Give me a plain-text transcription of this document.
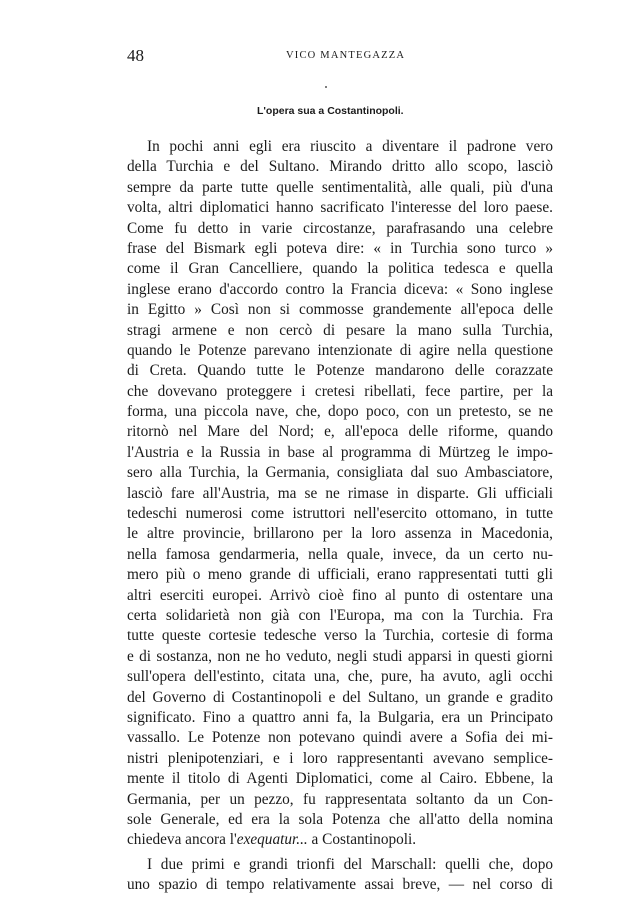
48	VICO MANTEGAZZA
L'opera sua a Costantinopoli.
In pochi anni egli era riuscito a diventare il padrone vero
della Turchia e del Sultano. Mirando dritto allo scopo, lasciò
sempre da parte tutte quelle sentimentalità, alle quali, più d'una
volta, altri diplomatici hanno sacrificato l'interesse del loro paese.
Come fu detto in varie circostanze, parafrasando una celebre
frase del Bismark egli poteva dire: « in Turchia sono turco »
come il Gran Cancelliere, quando la politica tedesca e quella
inglese erano d'accordo contro la Francia diceva: « Sono inglese
in Egitto » Così non si commosse grandemente all'epoca delle
stragi armene e non cercò di pesare la mano sulla Turchia,
quando le Potenze parevano intenzionate di agire nella questione
di Creta. Quando tutte le Potenze mandarono delle corazzate
che dovevano proteggere i cretesi ribellati, fece partire, per la
forma, una piccola nave, che, dopo poco, con un pretesto, se ne
ritornò nel Mare del Nord; e, all'epoca delle riforme, quando
l'Austria e la Russia in base al programma di Mürtzeg le impo-
sero alla Turchia, la Germania, consigliata dal suo Ambasciatore,
lasciò fare all'Austria, ma se ne rimase in disparte. Gli ufficiali
tedeschi numerosi come istruttori nell'esercito ottomano, in tutte
le altre provincie, brillarono per la loro assenza in Macedonia,
nella famosa gendarmeria, nella quale, invece, da un certo nu-
mero più o meno grande di ufficiali, erano rappresentati tutti gli
altri eserciti europei. Arrivò cioè fino al punto di ostentare una
certa solidarietà non già con l'Europa, ma con la Turchia. Fra
tutte queste cortesie tedesche verso la Turchia, cortesie di forma
e di sostanza, non ne ho veduto, negli studi apparsi in questi giorni
sull'opera dell'estinto, citata una, che, pure, ha avuto, agli occhi
del Governo di Costantinopoli e del Sultano, un grande e gradito
significato. Fino a quattro anni fa, la Bulgaria, era un Principato
vassallo. Le Potenze non potevano quindi avere a Sofia dei mi-
nistri plenipotenziari, e i loro rappresentanti avevano semplice-
mente il titolo di Agenti Diplomatici, come al Cairo. Ebbene, la
Germania, per un pezzo, fu rappresentata soltanto da un Con-
sole Generale, ed era la sola Potenza che all'atto della nomina
chiedeva ancora l'exequatur... a Costantinopoli.
I due primi e grandi trionfi del Marschall: quelli che, dopo
uno spazio di tempo relativamente assai breve, — nel corso di
